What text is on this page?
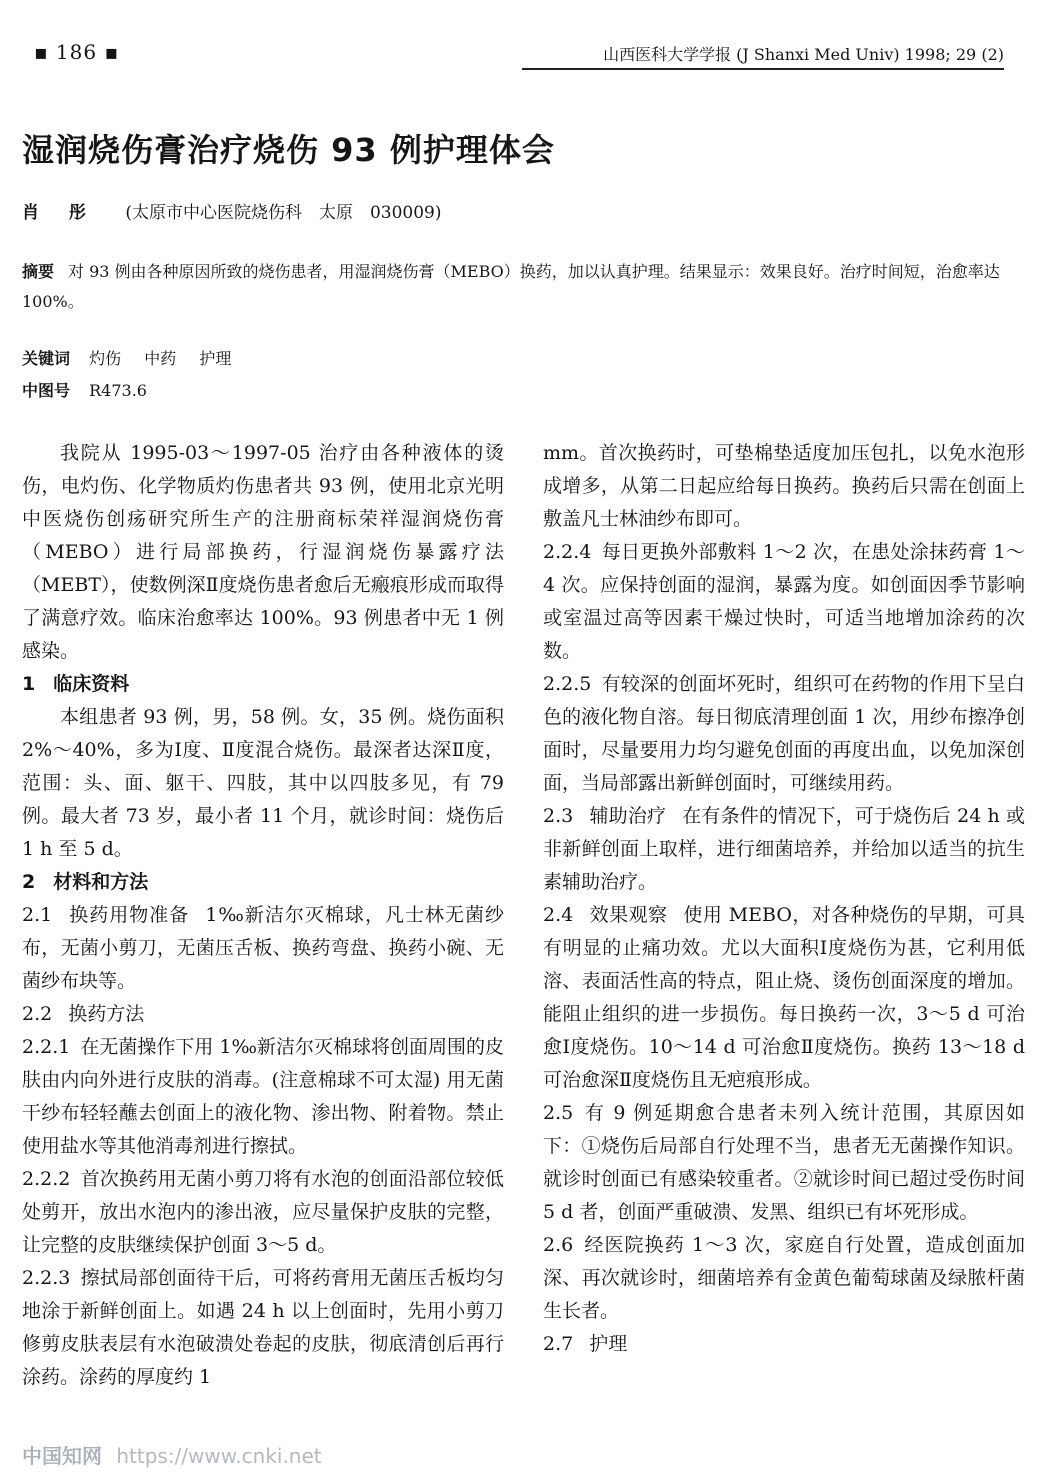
▪ 186 ▪	山西医科大学学报 (J Shanxi Med Univ) 1998; 29 (2)
湿润烧伤膏治疗烧伤 93 例护理体会
肖 彤 (太原市中心医院烧伤科　太原　030009)

摘要 对 93 例由各种原因所致的烧伤患者，用湿润烧伤膏（MEBO）换药，加以认真护理。结果显示：效果良好。治疗时间短，治愈率达 100%。

关键词 灼伤 中药 护理
中图号 R473.6

我院从 1995-03～1997-05 治疗由各种液体的烫伤，电灼伤、化学物质灼伤患者共 93 例，使用北京光明中医烧伤创疡研究所生产的注册商标荣祥湿润烧伤膏（MEBO）进行局部换药，行湿润烧伤暴露疗法（MEBT），使数例深Ⅱ度烧伤患者愈后无瘢痕形成而取得了满意疗效。临床治愈率达 100%。93 例患者中无 1 例感染。

1 临床资料

本组患者 93 例，男，58 例。女，35 例。烧伤面积 2%～40%，多为Ⅰ度、Ⅱ度混合烧伤。最深者达深Ⅱ度，范围：头、面、躯干、四肢，其中以四肢多见，有 79 例。最大者 73 岁，最小者 11 个月，就诊时间：烧伤后 1 h 至 5 d。

2 材料和方法

2.1 换药用物准备 1‰新洁尔灭棉球，凡士林无菌纱布，无菌小剪刀，无菌压舌板、换药弯盘、换药小碗、无菌纱布块等。

2.2 换药方法

2.2.1 在无菌操作下用 1‰新洁尔灭棉球将创面周围的皮肤由内向外进行皮肤的消毒。(注意棉球不可太湿) 用无菌干纱布轻轻蘸去创面上的液化物、渗出物、附着物。禁止使用盐水等其他消毒剂进行擦拭。

2.2.2 首次换药用无菌小剪刀将有水泡的创面沿部位较低处剪开，放出水泡内的渗出液，应尽量保护皮肤的完整，让完整的皮肤继续保护创面 3～5 d。

2.2.3 擦拭局部创面待干后，可将药膏用无菌压舌板均匀地涂于新鲜创面上。如遇 24 h 以上创面时，先用小剪刀修剪皮肤表层有水泡破溃处卷起的皮肤，彻底清创后再行涂药。涂药的厚度约 1

mm。首次换药时，可垫棉垫适度加压包扎，以免水泡形成增多，从第二日起应给每日换药。换药后只需在创面上敷盖凡士林油纱布即可。

2.2.4 每日更换外部敷料 1～2 次，在患处涂抹药膏 1～4 次。应保持创面的湿润，暴露为度。如创面因季节影响或室温过高等因素干燥过快时，可适当地增加涂药的次数。

2.2.5 有较深的创面坏死时，组织可在药物的作用下呈白色的液化物自溶。每日彻底清理创面 1 次，用纱布擦净创面时，尽量要用力均匀避免创面的再度出血，以免加深创面，当局部露出新鲜创面时，可继续用药。

2.3 辅助治疗 在有条件的情况下，可于烧伤后 24 h 或非新鲜创面上取样，进行细菌培养，并给加以适当的抗生素辅助治疗。

2.4 效果观察 使用 MEBO，对各种烧伤的早期，可具有明显的止痛功效。尤以大面积Ⅰ度烧伤为甚，它利用低溶、表面活性高的特点，阻止烧、烫伤创面深度的增加。能阻止组织的进一步损伤。每日换药一次，3～5 d 可治愈Ⅰ度烧伤。10～14 d 可治愈Ⅱ度烧伤。换药 13～18 d 可治愈深Ⅱ度烧伤且无疤痕形成。

2.5 有 9 例延期愈合患者未列入统计范围，其原因如下：①烧伤后局部自行处理不当，患者无无菌操作知识。就诊时创面已有感染较重者。②就诊时间已超过受伤时间 5 d 者，创面严重破溃、发黑、组织已有坏死形成。

2.6 经医院换药 1～3 次，家庭自行处置，造成创面加深、再次就诊时，细菌培养有金黄色葡萄球菌及绿脓杆菌生长者。

2.7 护理

中国知网 https://www.cnki.net
